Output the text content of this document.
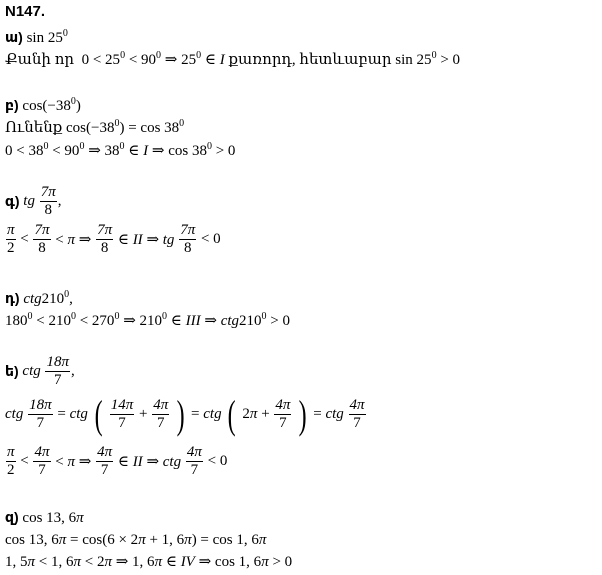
N147.
ա) $\sin 25^0$
Քանի որ $0 < 25^0 < 90^0$ ⇒ $25^0$ ∈ I քառորդ, հետևաբար $\sin 25^0 > 0$
բ) $\cos(-38^0)$
Ունենք $\cos(-38^0) = \cos 38^0$
$0 < 38^0 < 90^0$ ⇒ $38^0$ ∈ I ⇒ $\cos 38^0 > 0$
գ) tg $\frac{7\pi}{8}$ ,
$\frac{\pi}{2} < \frac{7\pi}{8} < \pi$ ⇒ $\frac{7\pi}{8}$ ∈ II ⇒ tg $\frac{7\pi}{8} < 0$
դ) $ctg210^0$,
$180^0 < 210^0 < 270^0$ ⇒ $210^0$ ∈ III ⇒ $ctg210^0 > 0$
ե) ctg $\frac{18\pi}{7}$ ,
ctg $\frac{18\pi}{7}$ = ctg ( $\frac{14\pi}{7} + \frac{4\pi}{7}$ ) = ctg ( $2\pi + \frac{4\pi}{7}$ ) = ctg $\frac{4\pi}{7}$
$\frac{\pi}{2} < \frac{4\pi}{7} < \pi$ ⇒ $\frac{4\pi}{7}$ ∈ II ⇒ ctg $\frac{4\pi}{7} < 0$
զ) cos 13, 6π
cos 13, 6π = cos(6 × 2π + 1, 6π) = cos 1, 6π
1, 5π < 1, 6π < 2π ⇒ 1, 6π ∈ IV ⇒ cos 1, 6π > 0
